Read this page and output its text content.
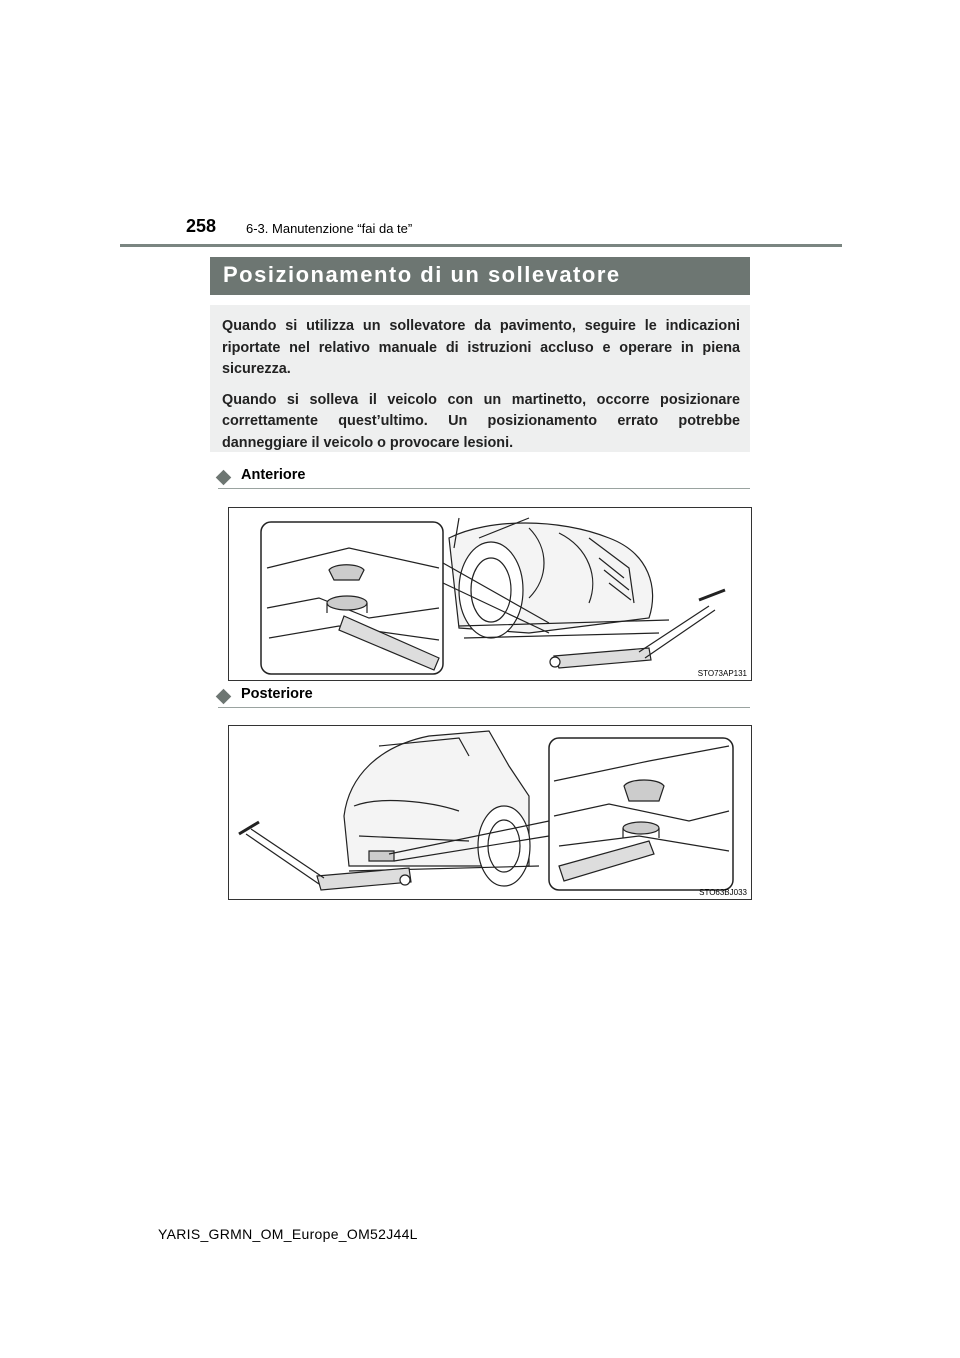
258 6-3. Manutenzione “fai da te”
Posizionamento di un sollevatore

Quando si utilizza un sollevatore da pavimento, seguire le indicazioni riportate nel relativo manuale di istruzioni accluso e operare in piena sicurezza.

Quando si solleva il veicolo con un martinetto, occorre posizionare correttamente quest’ultimo. Un posizionamento errato potrebbe danneggiare il veicolo o provocare lesioni.

Anteriore
STO73AP131
Posteriore
STO63BJ033
YARIS_GRMN_OM_Europe_OM52J44L
